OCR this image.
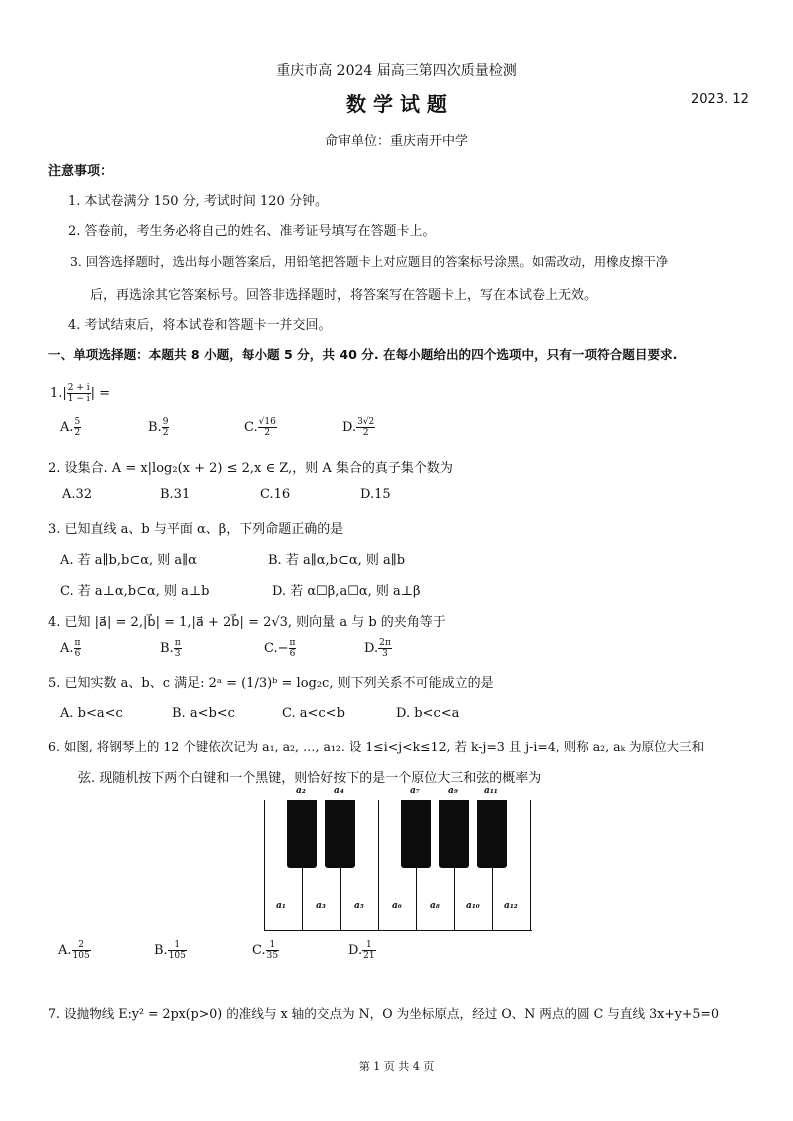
重庆市高 2024 届高三第四次质量检测
数 学 试 题	2023. 12
命审单位：重庆南开中学
注意事项：
1. 本试卷满分 150 分, 考试时间 120 分钟。
2. 答卷前，考生务必将自己的姓名、准考证号填写在答题卡上。
3. 回答选择题时，选出每小题答案后，用铅笔把答题卡上对应题目的答案标号涂黑。如需改动，用橡皮擦干净
后，再选涂其它答案标号。回答非选择题时，将答案写在答题卡上，写在本试卷上无效。
4. 考试结束后，将本试卷和答题卡一并交回。
一、单项选择题：本题共 8 小题，每小题 5 分，共 40 分. 在每小题给出的四个选项中，只有一项符合题目要求.
$1.| \frac{2 + i}{1 - i}$ | =
A. $\frac{5}{2}$	B. $\frac{9}{2}$	C. $\frac{√16}{2}$	D. $\frac{3√2}{2}$
2. 设集合. A = x|log₂(x + 2) ≤ 2,x ∈ Z,，则 A 集合的真子集个数为
A.32	B.31	C.16	D.15
3. 已知直线 a、b 与平面 α、β，下列命题正确的是
A. 若 a∥b,b⊂α, 则 a∥α	B. 若 a∥α,b⊂α, 则 a∥b
C. 若 a⊥α,b⊂α, 则 a⊥b	D. 若 α☐β,a☐α, 则 a⊥β
4. 已知 |a⃗| = 2,|b⃗| = 1,|a⃗ + 2b⃗| = 2√3, 则向量 a 与 b 的夹角等于
A. $\frac{\pi}{6}$	B. $\frac{\pi}{3}$	$C.- \frac{\pi}{6}$	D. $\frac{2\pi}{3}$
5. 已知实数 a、b、c 满足: 2ᵃ = (1/3)ᵇ = log₂c, 则下列关系不可能成立的是
A. b<a<c	B. a<b<c	C. a<c<b	D. b<c<a
6. 如图, 将钢琴上的 12 个键依次记为 a₁, a₂, …, a₁₂. 设 1≤i<j<k≤12, 若 k-j=3 且 j-i=4, 则称 a₂, aₖ 为原位大三和
弦. 现随机按下两个白键和一个黑键，则恰好按下的是一个原位大三和弦的概率为
a₂	a₄	a₇	a₉	a₁₁
a₁	a₃	a₅	a₆	a₈	a₁₀	a₁₂
A. $\frac{2}{105}$	B. $\frac{1}{105}$	C. $\frac{1}{35}$	D. $\frac{1}{21}$
7. 设抛物线 E:y² = 2px(p>0) 的准线与 x 轴的交点为 N，O 为坐标原点，经过 O、N 两点的圆 C 与直线 3x+y+5=0
第 1 页 共 4 页
